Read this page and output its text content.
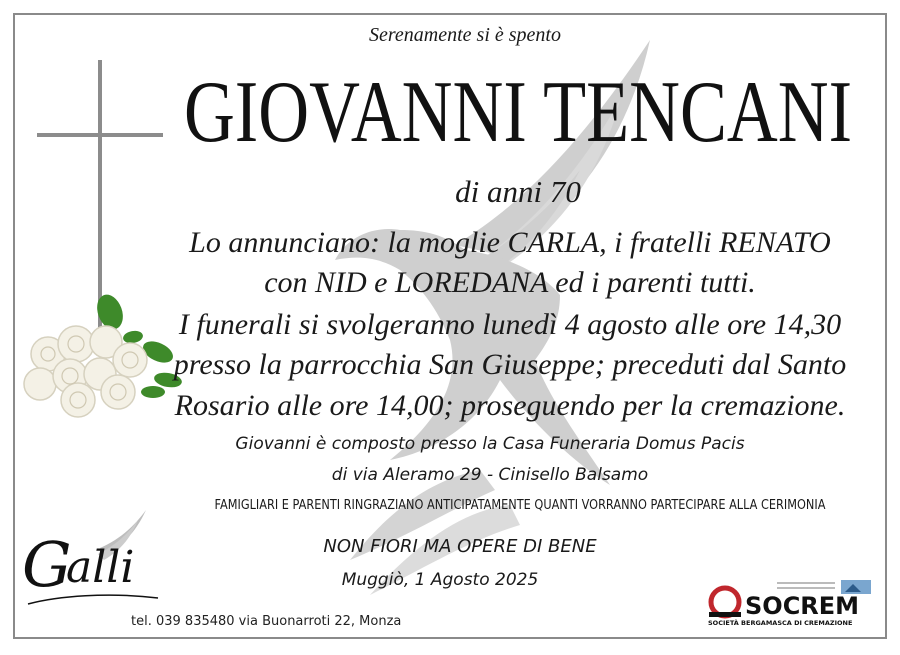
Serenamente si è spento
GIOVANNI TENCANI
di anni 70
Lo annunciano: la moglie CARLA, i fratelli RENATO
con NID e LOREDANA ed i parenti tutti.
I funerali si svolgeranno lunedì 4 agosto alle ore 14,30
presso la parrocchia San Giuseppe; preceduti dal Santo
Rosario alle ore 14,00; proseguendo per la cremazione.
Giovanni è composto presso la Casa Funeraria Domus Pacis
di via Aleramo 29 - Cinisello Balsamo
FAMIGLIARI E PARENTI RINGRAZIANO ANTICIPATAMENTE QUANTI VORRANNO PARTECIPARE ALLA CERIMONIA
NON FIORI MA OPERE DI BENE
Muggiò, 1 Agosto 2025
G
alli
tel. 039 835480 via Buonarroti 22, Monza
SOCREM
SOCIETÀ BERGAMASCA DI CREMAZIONE
